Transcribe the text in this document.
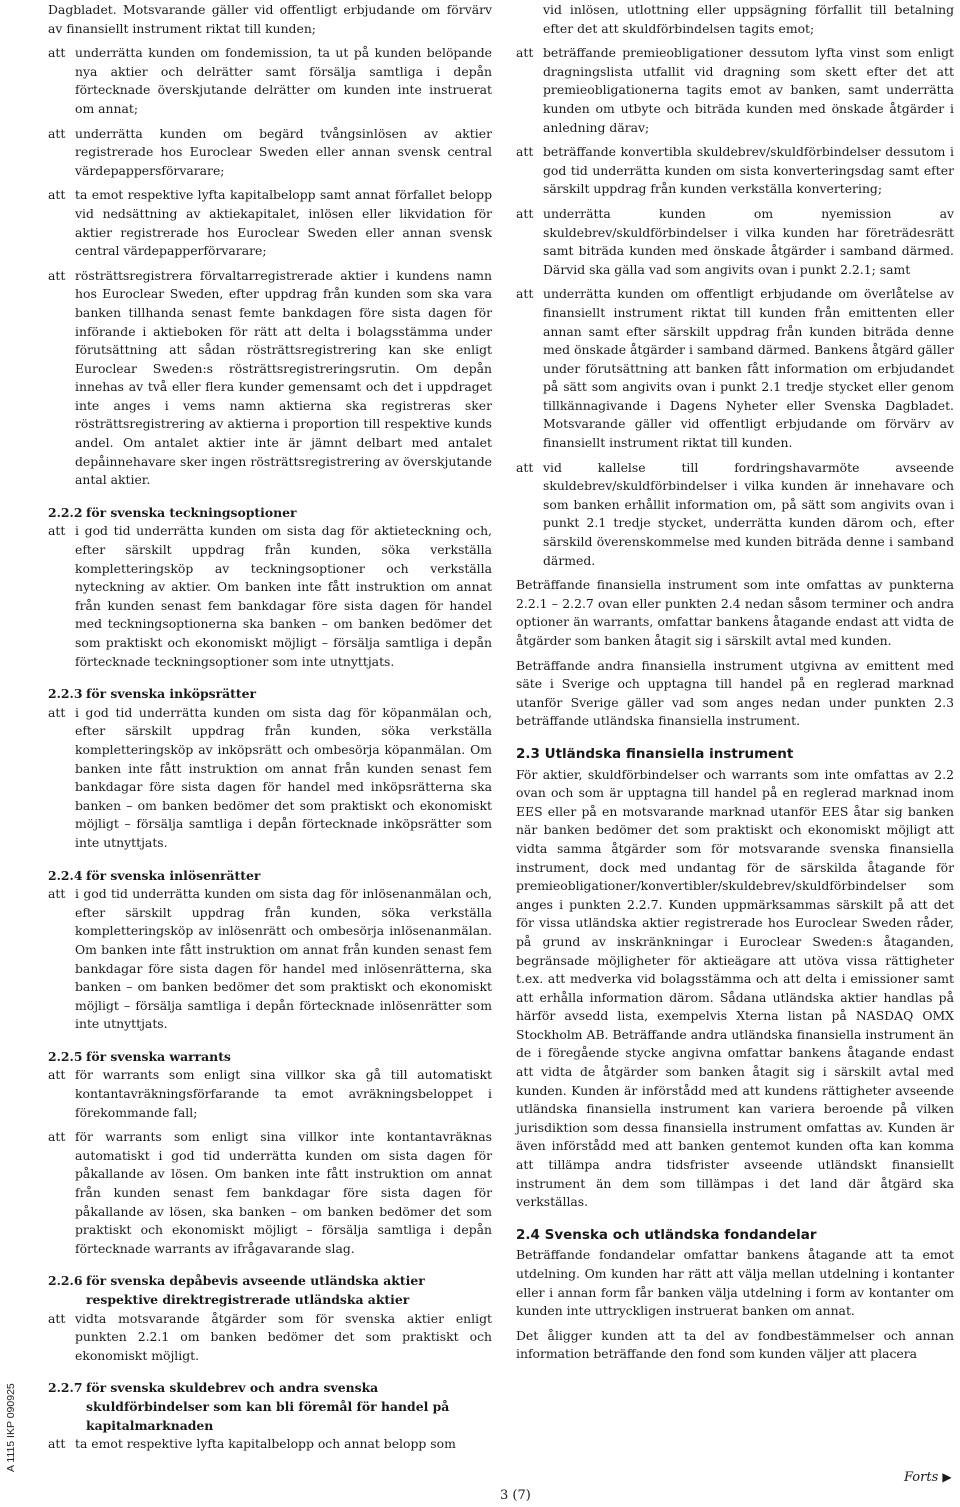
A 1115 IKP 090925

Dagbladet. Motsvarande gäller vid offentligt erbjudande om förvärv av finansiellt instrument riktat till kunden;

att underrätta kunden om fondemission, ta ut på kunden belöpande nya aktier och delrätter samt försälja samtliga i depån förtecknade överskjutande delrätter om kunden inte instruerat om annat;
att underrätta kunden om begärd tvångsinlösen av aktier registrerade hos Euroclear Sweden eller annan svensk central värdepappersförvarare;
att ta emot respektive lyfta kapitalbelopp samt annat förfallet belopp vid nedsättning av aktiekapitalet, inlösen eller likvidation för aktier registrerade hos Euroclear Sweden eller annan svensk central värdepapperförvarare;
att rösträttsregistrera förvaltarregistrerade aktier i kundens namn hos Euroclear Sweden, efter uppdrag från kunden som ska vara banken tillhanda senast femte bankdagen före sista dagen för införande i aktieboken för rätt att delta i bolagsstämma under förutsättning att sådan rösträttsregistrering kan ske enligt Euroclear Sweden:s rösträttsregistreringsrutin. Om depån innehas av två eller flera kunder gemensamt och det i uppdraget inte anges i vems namn aktierna ska registreras sker rösträttsregistrering av aktierna i proportion till respektive kunds andel. Om antalet aktier inte är jämnt delbart med antalet depåinnehavare sker ingen rösträttsregistrering av överskjutande antal aktier.
2.2.2 för svenska teckningsoptioner
att i god tid underrätta kunden om sista dag för aktieteckning och, efter särskilt uppdrag från kunden, söka verkställa kompletteringsköp av teckningsoptioner och verkställa nyteckning av aktier. Om banken inte fått instruktion om annat från kunden senast fem bankdagar före sista dagen för handel med teckningsoptionerna ska banken – om banken bedömer det som praktiskt och ekonomiskt möjligt – försälja samtliga i depån förtecknade teckningsoptioner som inte utnyttjats.
2.2.3 för svenska inköpsrätter
att i god tid underrätta kunden om sista dag för köpanmälan och, efter särskilt uppdrag från kunden, söka verkställa kompletteringsköp av inköpsrätt och ombesörja köpanmälan. Om banken inte fått instruktion om annat från kunden senast fem bankdagar före sista dagen för handel med inköpsrätterna ska banken – om banken bedömer det som praktiskt och ekonomiskt möjligt – försälja samtliga i depån förtecknade inköpsrätter som inte utnyttjats.
2.2.4 för svenska inlösenrätter
att i god tid underrätta kunden om sista dag för inlösenanmälan och, efter särskilt uppdrag från kunden, söka verkställa kompletteringsköp av inlösenrätt och ombesörja inlösenanmälan. Om banken inte fått instruktion om annat från kunden senast fem bankdagar före sista dagen för handel med inlösenrätterna, ska banken – om banken bedömer det som praktiskt och ekonomiskt möjligt – försälja samtliga i depån förtecknade inlösenrätter som inte utnyttjats.
2.2.5 för svenska warrants
att för warrants som enligt sina villkor ska gå till automatiskt kontantavräkningsförfarande ta emot avräkningsbeloppet i förekommande fall;
att för warrants som enligt sina villkor inte kontantavräknas automatiskt i god tid underrätta kunden om sista dagen för påkallande av lösen. Om banken inte fått instruktion om annat från kunden senast fem bankdagar före sista dagen för påkallande av lösen, ska banken – om banken bedömer det som praktiskt och ekonomiskt möjligt – försälja samtliga i depån förtecknade warrants av ifrågavarande slag.
2.2.6 för svenska depåbevis avseende utländska aktier respektive direktregistrerade utländska aktier
att vidta motsvarande åtgärder som för svenska aktier enligt punkten 2.2.1 om banken bedömer det som praktiskt och ekonomiskt möjligt.
2.2.7 för svenska skuldebrev och andra svenska skuldförbindelser som kan bli föremål för handel på kapitalmarknaden
att ta emot respektive lyfta kapitalbelopp och annat belopp som
vid inlösen, utlottning eller uppsägning förfallit till betalning efter det att skuldförbindelsen tagits emot;
att beträffande premieobligationer dessutom lyfta vinst som enligt dragningslista utfallit vid dragning som skett efter det att premieobligationerna tagits emot av banken, samt underrätta kunden om utbyte och biträda kunden med önskade åtgärder i anledning därav;
att beträffande konvertibla skuldebrev/skuldförbindelser dessutom i god tid underrätta kunden om sista konverteringsdag samt efter särskilt uppdrag från kunden verkställa konvertering;
att underrätta kunden om nyemission av skuldebrev/skuldförbindelser i vilka kunden har företrädesrätt samt biträda kunden med önskade åtgärder i samband därmed. Därvid ska gälla vad som angivits ovan i punkt 2.2.1; samt
att underrätta kunden om offentligt erbjudande om överlåtelse av finansiellt instrument riktat till kunden från emittenten eller annan samt efter särskilt uppdrag från kunden biträda denne med önskade åtgärder i samband därmed. Bankens åtgärd gäller under förutsättning att banken fått information om erbjudandet på sätt som angivits ovan i punkt 2.1 tredje stycket eller genom tillkännagivande i Dagens Nyheter eller Svenska Dagbladet. Motsvarande gäller vid offentligt erbjudande om förvärv av finansiellt instrument riktat till kunden.
att vid kallelse till fordringshavarmöte avseende skuldebrev/skuldförbindelser i vilka kunden är innehavare och som banken erhållit information om, på sätt som angivits ovan i punkt 2.1 tredje stycket, underrätta kunden därom och, efter särskild överenskommelse med kunden biträda denne i samband därmed.

Beträffande finansiella instrument som inte omfattas av punkterna 2.2.1 – 2.2.7 ovan eller punkten 2.4 nedan såsom terminer och andra optioner än warrants, omfattar bankens åtagande endast att vidta de åtgärder som banken åtagit sig i särskilt avtal med kunden.

Beträffande andra finansiella instrument utgivna av emittent med säte i Sverige och upptagna till handel på en reglerad marknad utanför Sverige gäller vad som anges nedan under punkten 2.3 beträffande utländska finansiella instrument.

2.3 Utländska finansiella instrument

För aktier, skuldförbindelser och warrants som inte omfattas av 2.2 ovan och som är upptagna till handel på en reglerad marknad inom EES eller på en motsvarande marknad utanför EES åtar sig banken när banken bedömer det som praktiskt och ekonomiskt möjligt att vidta samma åtgärder som för motsvarande svenska finansiella instrument, dock med undantag för de särskilda åtagande för premieobligationer/konvertibler/skuldebrev/skuldförbindelser som anges i punkten 2.2.7. Kunden uppmärksammas särskilt på att det för vissa utländska aktier registrerade hos Euroclear Sweden råder, på grund av inskränkningar i Euroclear Sweden:s åtaganden, begränsade möjligheter för aktieägare att utöva vissa rättigheter t.ex. att medverka vid bolagsstämma och att delta i emissioner samt att erhålla information därom. Sådana utländska aktier handlas på härför avsedd lista, exempelvis Xterna listan på NASDAQ OMX Stockholm AB. Beträffande andra utländska finansiella instrument än de i föregående stycke angivna omfattar bankens åtagande endast att vidta de åtgärder som banken åtagit sig i särskilt avtal med kunden. Kunden är införstådd med att kundens rättigheter avseende utländska finansiella instrument kan variera beroende på vilken jurisdiktion som dessa finansiella instrument omfattas av. Kunden är även införstådd med att banken gentemot kunden ofta kan komma att tillämpa andra tidsfrister avseende utländskt finansiellt instrument än dem som tillämpas i det land där åtgärd ska verkställas.

2.4 Svenska och utländska fondandelar

Beträffande fondandelar omfattar bankens åtagande att ta emot utdelning. Om kunden har rätt att välja mellan utdelning i kontanter eller i annan form får banken välja utdelning i form av kontanter om kunden inte uttryckligen instruerat banken om annat.

Det åligger kunden att ta del av fondbestämmelser och annan information beträffande den fond som kunden väljer att placera

3 (7)
Forts ▶
